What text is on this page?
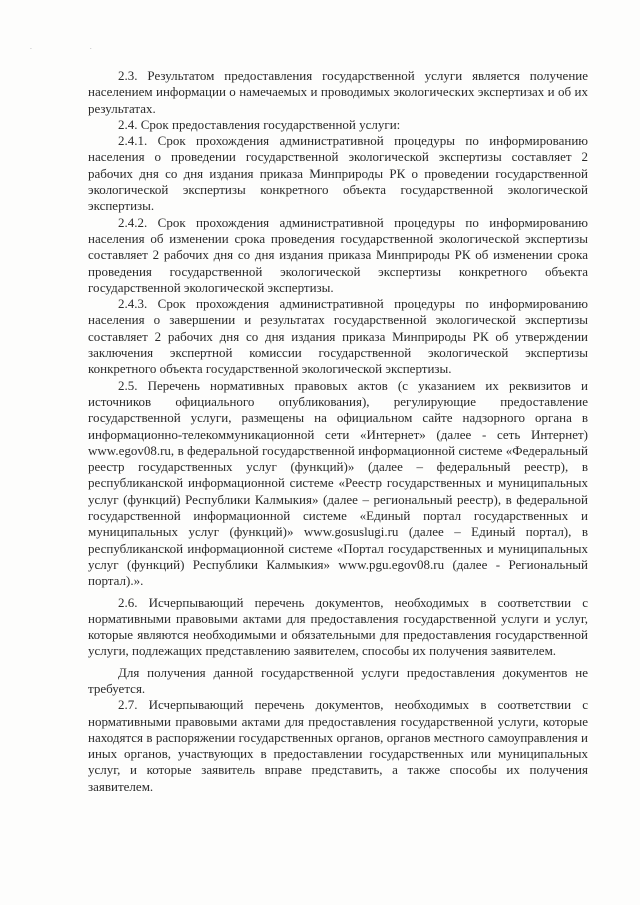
. .

2.3. Результатом предоставления государственной услуги является получение населением информации о намечаемых и проводимых экологических экспертизах и об их результатах.

2.4. Срок предоставления государственной услуги:

2.4.1. Срок прохождения административной процедуры по информированию населения о проведении государственной экологической экспертизы составляет 2 рабочих дня со дня издания приказа Минприроды РК о проведении государственной экологической экспертизы конкретного объекта государственной экологической экспертизы.

2.4.2. Срок прохождения административной процедуры по информированию населения об изменении срока проведения государственной экологической экспертизы составляет 2 рабочих дня со дня издания приказа Минприроды РК об изменении срока проведения государственной экологической экспертизы конкретного объекта государственной экологической экспертизы.

2.4.3. Срок прохождения административной процедуры по информированию населения о завершении и результатах государственной экологической экспертизы составляет 2 рабочих дня со дня издания приказа Минприроды РК об утверждении заключения экспертной комиссии государственной экологической экспертизы конкретного объекта государственной экологической экспертизы.

2.5. Перечень нормативных правовых актов (с указанием их реквизитов и источников официального опубликования), регулирующие предоставление государственной услуги, размещены на официальном сайте надзорного органа в информационно-телекоммуникационной сети «Интернет» (далее - сеть Интернет) www.egov08.ru, в федеральной государственной информационной системе «Федеральный реестр государственных услуг (функций)» (далее – федеральный реестр), в республиканской информационной системе «Реестр государственных и муниципальных услуг (функций) Республики Калмыкия» (далее – региональный реестр), в федеральной государственной информационной системе «Единый портал государственных и муниципальных услуг (функций)» www.gosuslugi.ru (далее – Единый портал), в республиканской информационной системе «Портал государственных и муниципальных услуг (функций) Республики Калмыкия» www.pgu.egov08.ru (далее - Региональный портал).».

2.6. Исчерпывающий перечень документов, необходимых в соответствии с нормативными правовыми актами для предоставления государственной услуги и услуг, которые являются необходимыми и обязательными для предоставления государственной услуги, подлежащих представлению заявителем, способы их получения заявителем.

Для получения данной государственной услуги предоставления документов не требуется.

2.7. Исчерпывающий перечень документов, необходимых в соответствии с нормативными правовыми актами для предоставления государственной услуги, которые находятся в распоряжении государственных органов, органов местного самоуправления и иных органов, участвующих в предоставлении государственных или муниципальных услуг, и которые заявитель вправе представить, а также способы их получения заявителем.
